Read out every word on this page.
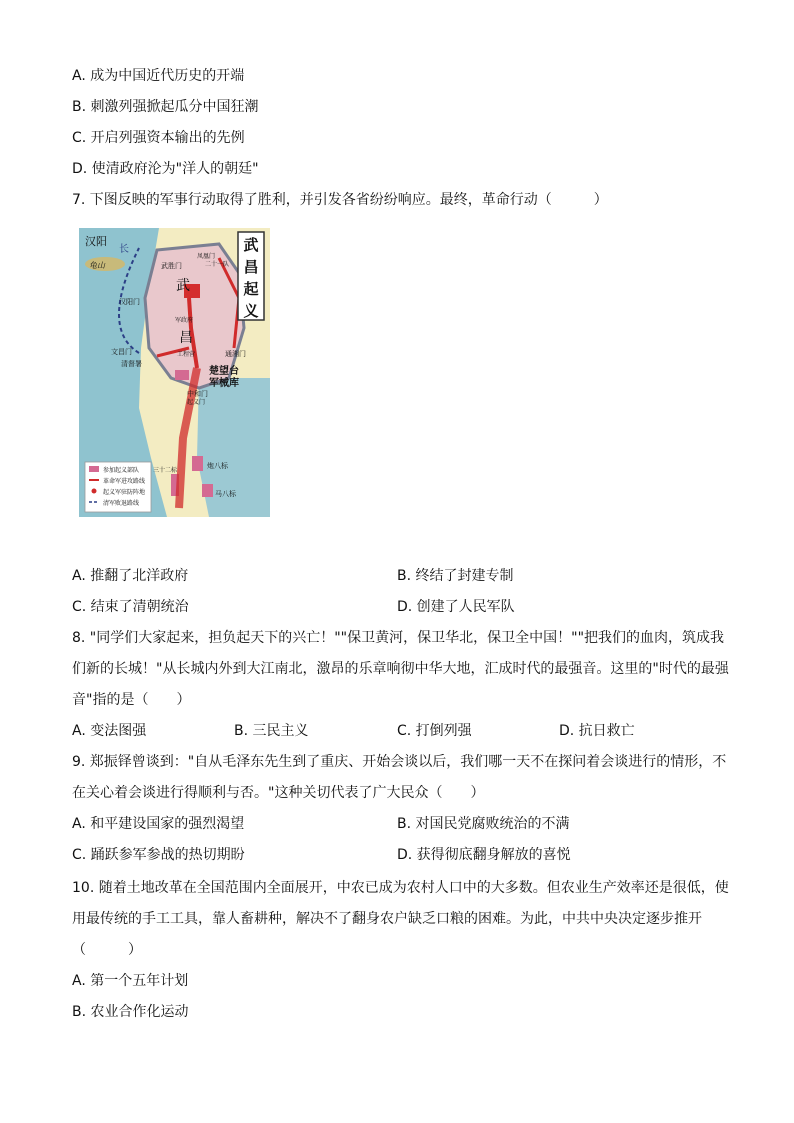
A. 成为中国近代历史的开端
B. 刺激列强掀起瓜分中国狂潮
C. 开启列强资本输出的先例
D. 使清政府沦为"洋人的朝廷"
7. 下图反映的军事行动取得了胜利，并引发各省纷纷响应。最终，革命行动（　　　）
武
昌
起
义
汉阳
龟山
长
凤凰门
二十一队
武胜门
武
汉阳门
军政府
昌
文昌门	工程营	通湘门
清督署
楚望台
军械库
中和门
起义门
三十二标
炮八标
马八标
参加起义部队
革命军进攻路线
起义军驻防阵地
清军败退路线
A. 推翻了北洋政府	B. 终结了封建专制
C. 结束了清朝统治	D. 创建了人民军队
8. "同学们大家起来，担负起天下的兴亡！""保卫黄河，保卫华北，保卫全中国！""把我们的血肉，筑成我
们新的长城！"从长城内外到大江南北，激昂的乐章响彻中华大地，汇成时代的最强音。这里的"时代的最强
音"指的是（　　）
A. 变法图强	B. 三民主义	C. 打倒列强	D. 抗日救亡
9. 郑振铎曾谈到："自从毛泽东先生到了重庆、开始会谈以后，我们哪一天不在探问着会谈进行的情形，不
在关心着会谈进行得顺利与否。"这种关切代表了广大民众（　　）
A. 和平建设国家的强烈渴望	B. 对国民党腐败统治的不满
C. 踊跃参军参战的热切期盼	D. 获得彻底翻身解放的喜悦
10. 随着土地改革在全国范围内全面展开，中农已成为农村人口中的大多数。但农业生产效率还是很低，使
用最传统的手工工具，靠人畜耕种，解决不了翻身农户缺乏口粮的困难。为此，中共中央决定逐步推开
（　　　）
A. 第一个五年计划
B. 农业合作化运动
